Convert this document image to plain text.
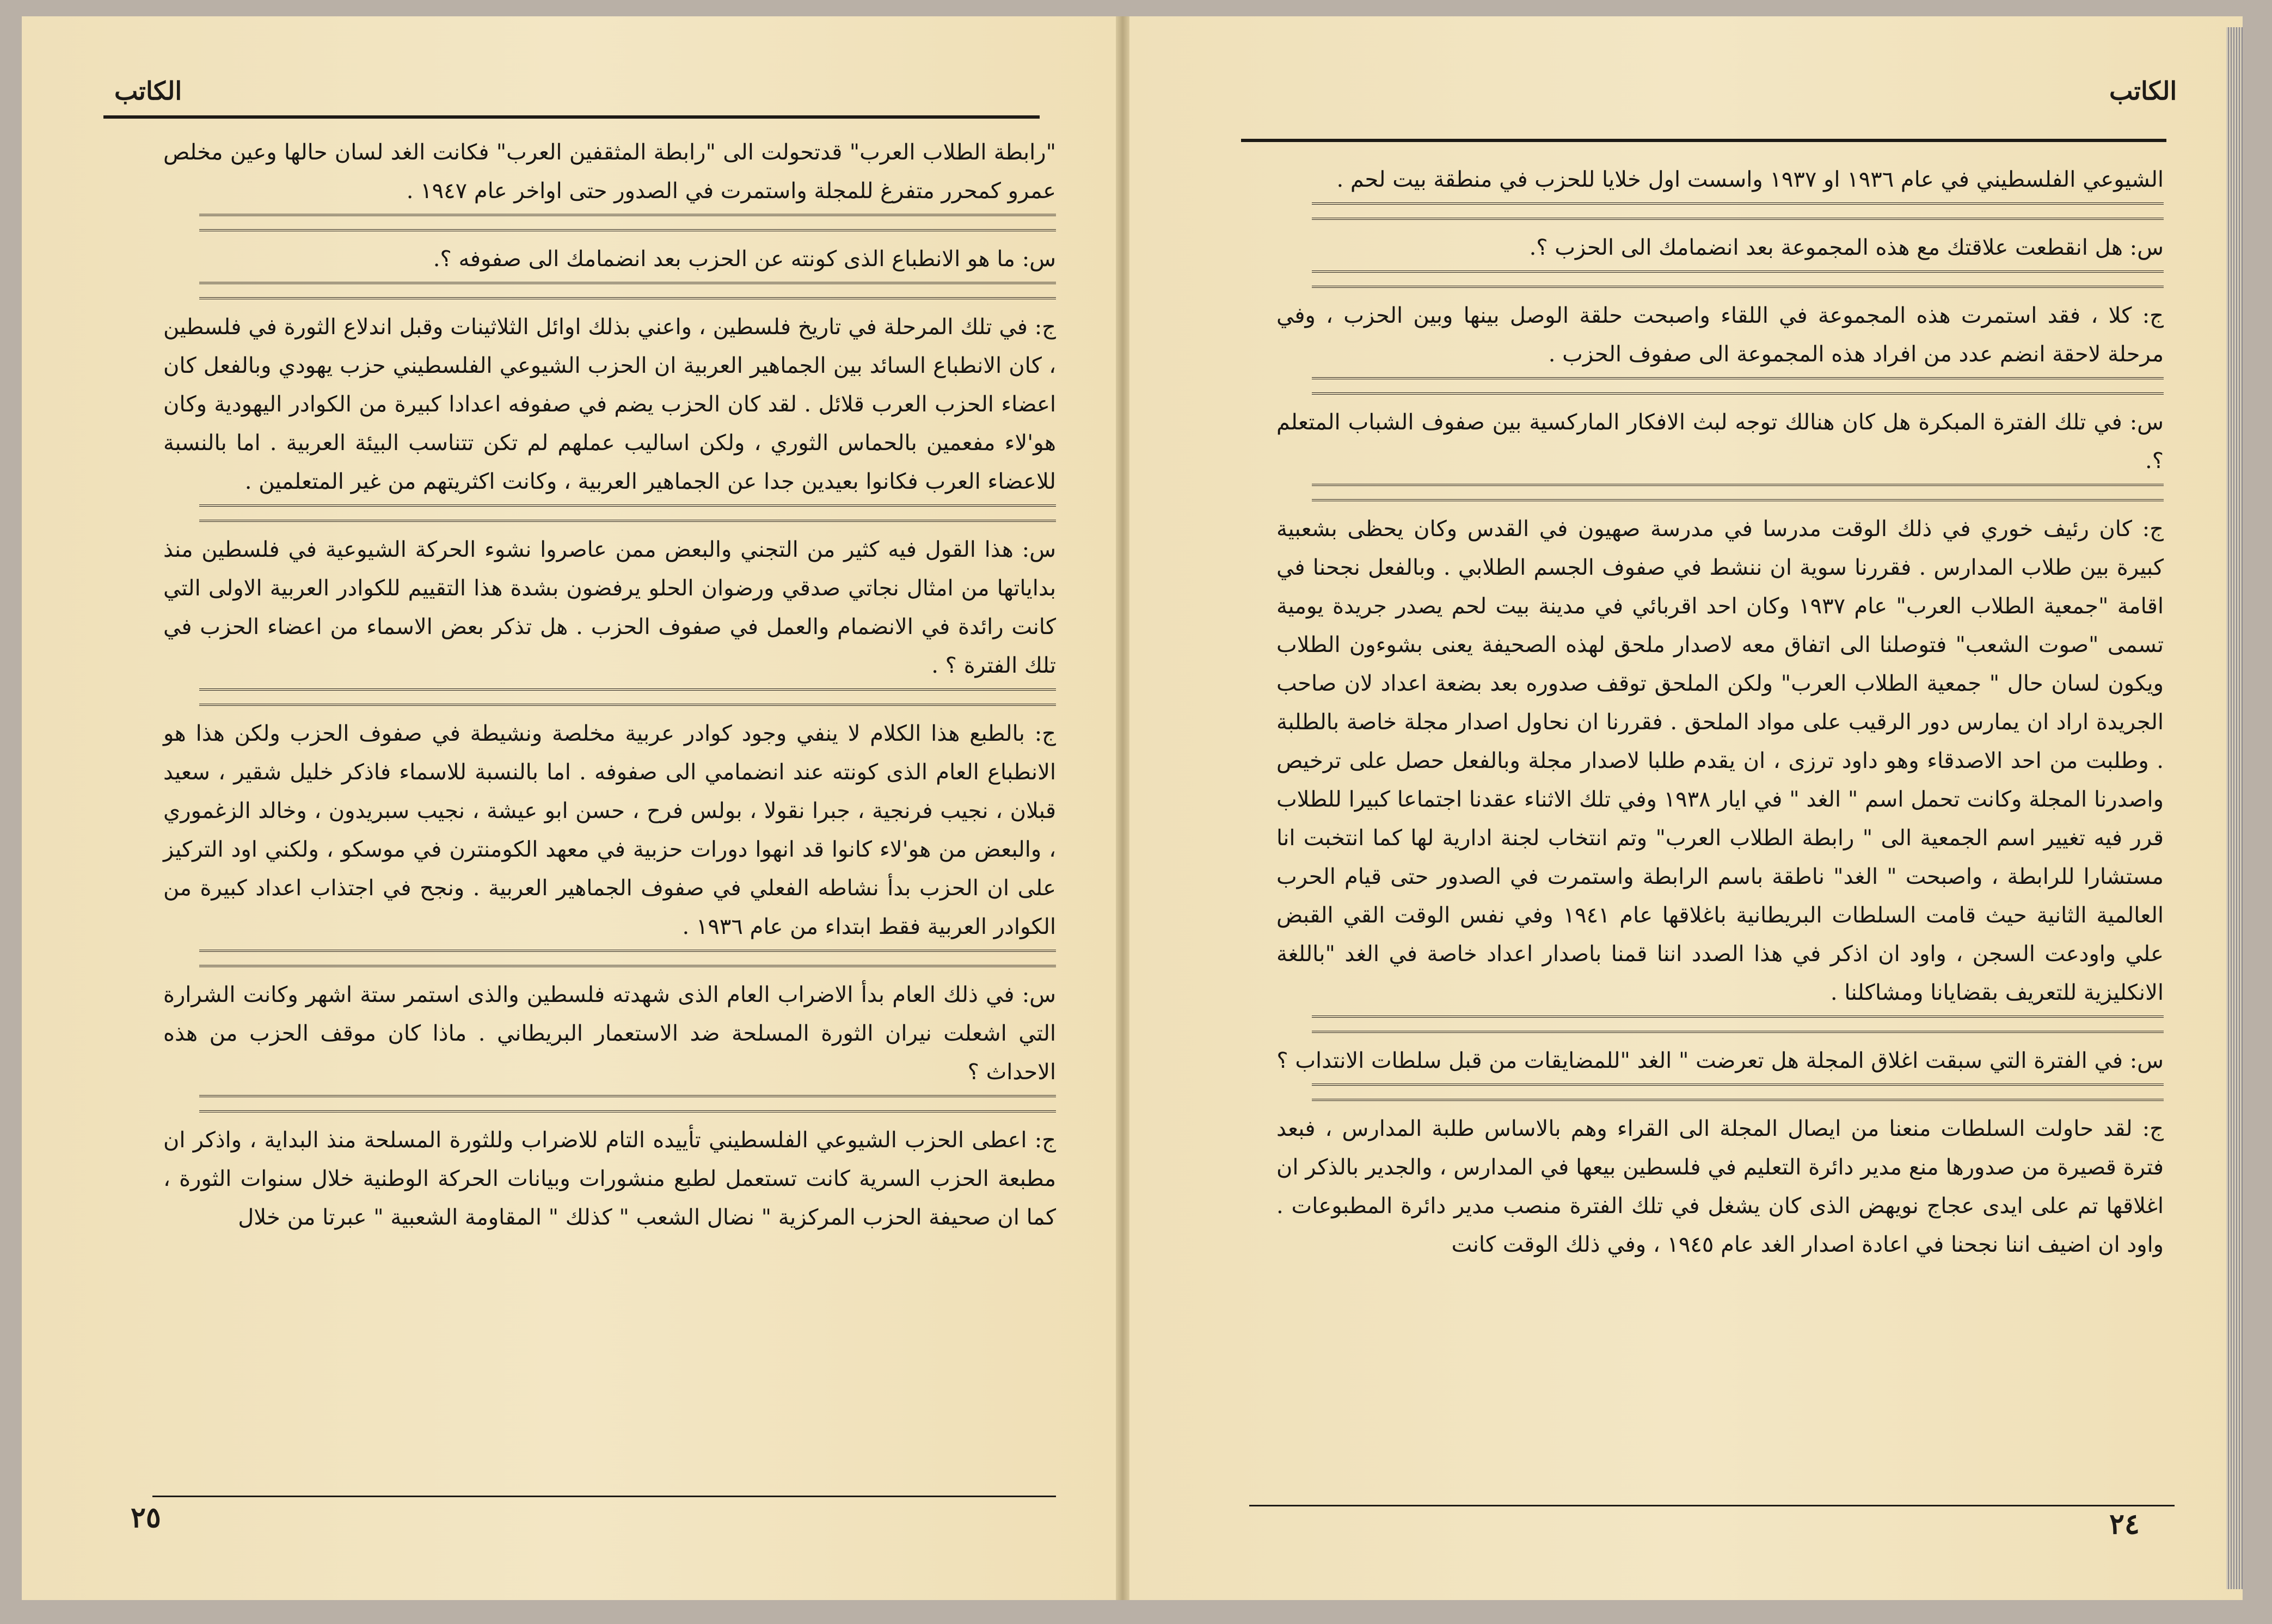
الكاتب

"رابطة الطلاب العرب" قدتحولت الى "رابطة المثقفين العرب" فكانت الغد لسان حالها وعين مخلص عمرو كمحرر متفرغ للمجلة واستمرت في الصدور حتى اواخر عام ١٩٤٧ .

س: ما هو الانطباع الذى كونته عن الحزب بعد انضمامك الى صفوفه ؟.

ج: في تلك المرحلة في تاريخ فلسطين ، واعني بذلك اوائل الثلاثينات وقبل اندلاع الثورة في فلسطين ، كان الانطباع السائد بين الجماهير العربية ان الحزب الشيوعي الفلسطيني حزب يهودي وبالفعل كان اعضاء الحزب العرب قلائل . لقد كان الحزب يضم في صفوفه اعدادا كبيرة من الكوادر اليهودية وكان هو'لاء مفعمين بالحماس الثوري ، ولكن اساليب عملهم لم تكن تتناسب البيئة العربية . اما بالنسبة للاعضاء العرب فكانوا بعيدين جدا عن الجماهير العربية ، وكانت اكثريتهم من غير المتعلمين .

س: هذا القول فيه كثير من التجني والبعض ممن عاصروا نشوء الحركة الشيوعية في فلسطين منذ بداياتها من امثال نجاتي صدقي ورضوان الحلو يرفضون بشدة هذا التقييم للكوادر العربية الاولى التي كانت رائدة في الانضمام والعمل في صفوف الحزب . هل تذكر بعض الاسماء من اعضاء الحزب في تلك الفترة ؟ .

ج: بالطبع هذا الكلام لا ينفي وجود كوادر عربية مخلصة ونشيطة في صفوف الحزب ولكن هذا هو الانطباع العام الذى كونته عند انضمامي الى صفوفه . اما بالنسبة للاسماء فاذكر خليل شقير ، سعيد قبلان ، نجيب فرنجية ، جبرا نقولا ، بولس فرح ، حسن ابو عيشة ، نجيب سبريدون ، وخالد الزغموري ، والبعض من هو'لاء كانوا قد انهوا دورات حزبية في معهد الكومنترن في موسكو ، ولكني اود التركيز على ان الحزب بدأ نشاطه الفعلي في صفوف الجماهير العربية . ونجح في اجتذاب اعداد كبيرة من الكوادر العربية فقط ابتداء من عام ١٩٣٦ .

س: في ذلك العام بدأ الاضراب العام الذى شهدته فلسطين والذى استمر ستة اشهر وكانت الشرارة التي اشعلت نيران الثورة المسلحة ضد الاستعمار البريطاني . ماذا كان موقف الحزب من هذه الاحداث ؟

ج: اعطى الحزب الشيوعي الفلسطيني تأييده التام للاضراب وللثورة المسلحة منذ البداية ، واذكر ان مطبعة الحزب السرية كانت تستعمل لطبع منشورات وبيانات الحركة الوطنية خلال سنوات الثورة ، كما ان صحيفة الحزب المركزية " نضال الشعب " كذلك " المقاومة الشعبية " عبرتا من خلال

٢٥
الكاتب

الشيوعي الفلسطيني في عام ١٩٣٦ او ١٩٣٧ واسست اول خلايا للحزب في منطقة بيت لحم .

س: هل انقطعت علاقتك مع هذه المجموعة بعد انضمامك الى الحزب ؟.

ج: كلا ، فقد استمرت هذه المجموعة في اللقاء واصبحت حلقة الوصل بينها وبين الحزب ، وفي مرحلة لاحقة انضم عدد من افراد هذه المجموعة الى صفوف الحزب .

س: في تلك الفترة المبكرة هل كان هنالك توجه لبث الافكار الماركسية بين صفوف الشباب المتعلم ؟.

ج: كان رئيف خوري في ذلك الوقت مدرسا في مدرسة صهيون في القدس وكان يحظى بشعبية كبيرة بين طلاب المدارس . فقررنا سوية ان ننشط في صفوف الجسم الطلابي . وبالفعل نجحنا في اقامة "جمعية الطلاب العرب" عام ١٩٣٧ وكان احد اقربائي في مدينة بيت لحم يصدر جريدة يومية تسمى "صوت الشعب" فتوصلنا الى اتفاق معه لاصدار ملحق لهذه الصحيفة يعنى بشوءون الطلاب ويكون لسان حال " جمعية الطلاب العرب" ولكن الملحق توقف صدوره بعد بضعة اعداد لان صاحب الجريدة اراد ان يمارس دور الرقيب على مواد الملحق . فقررنا ان نحاول اصدار مجلة خاصة بالطلبة . وطلبت من احد الاصدقاء وهو داود ترزى ، ان يقدم طلبا لاصدار مجلة وبالفعل حصل على ترخيص واصدرنا المجلة وكانت تحمل اسم " الغد " في ايار ١٩٣٨ وفي تلك الاثناء عقدنا اجتماعا كبيرا للطلاب قرر فيه تغيير اسم الجمعية الى " رابطة الطلاب العرب" وتم انتخاب لجنة ادارية لها كما انتخبت انا مستشارا للرابطة ، واصبحت " الغد" ناطقة باسم الرابطة واستمرت في الصدور حتى قيام الحرب العالمية الثانية حيث قامت السلطات البريطانية باغلاقها عام ١٩٤١ وفي نفس الوقت القي القبض علي واودعت السجن ، واود ان اذكر في هذا الصدد اننا قمنا باصدار اعداد خاصة في الغد "باللغة الانكليزية للتعريف بقضايانا ومشاكلنا .

س: في الفترة التي سبقت اغلاق المجلة هل تعرضت " الغد "للمضايقات من قبل سلطات الانتداب ؟

ج: لقد حاولت السلطات منعنا من ايصال المجلة الى القراء وهم بالاساس طلبة المدارس ، فبعد فترة قصيرة من صدورها منع مدير دائرة التعليم في فلسطين بيعها في المدارس ، والجدير بالذكر ان اغلاقها تم على ايدى عجاج نويهض الذى كان يشغل في تلك الفترة منصب مدير دائرة المطبوعات . واود ان اضيف اننا نجحنا في اعادة اصدار الغد عام ١٩٤٥ ، وفي ذلك الوقت كانت

٢٤
